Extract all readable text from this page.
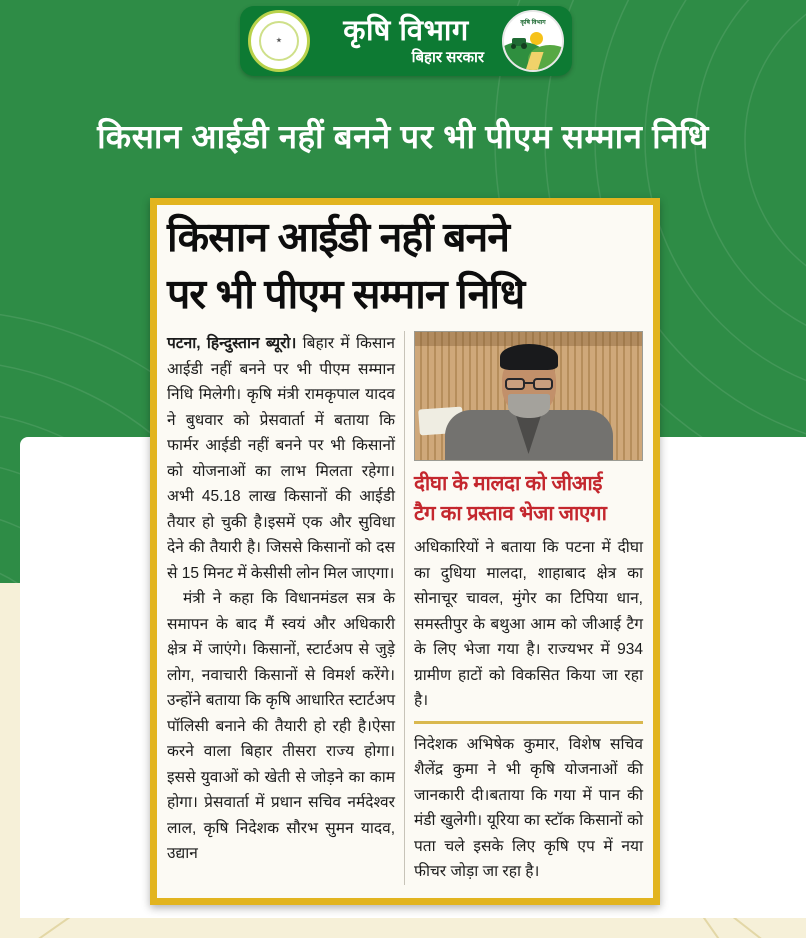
★	कृषि विभाग
बिहार सरकार
कृषि विभाग
किसान आईडी नहीं बनने पर भी पीएम सम्मान निधि
किसान आईडी नहीं बनने
पर भी पीएम सम्मान निधि
पटना, हिन्दुस्तान ब्यूरो। बिहार में किसान आईडी नहीं बनने पर भी पीएम सम्मान निधि मिलेगी। कृषि मंत्री रामकृपाल यादव ने बुधवार को प्रेसवार्ता में बताया कि फार्मर आईडी नहीं बनने पर भी किसानों को योजनाओं का लाभ मिलता रहेगा। अभी 45.18 लाख किसानों की आईडी तैयार हो चुकी है।इसमें एक और सुविधा देने की तैयारी है। जिससे किसानों को दस से 15 मिनट में केसीसी लोन मिल जाएगा।
मंत्री ने कहा कि विधानमंडल सत्र के समापन के बाद मैं स्वयं और अधिकारी क्षेत्र में जाएंगे। किसानों, स्टार्टअप से जुड़े लोग, नवाचारी किसानों से विमर्श करेंगे। उन्होंने बताया कि कृषि आधारित स्टार्टअप पॉलिसी बनाने की तैयारी हो रही है।ऐसा करने वाला बिहार तीसरा राज्य होगा। इससे युवाओं को खेती से जोड़ने का काम होगा। प्रेसवार्ता में प्रधान सचिव नर्मदेश्वर लाल, कृषि निदेशक सौरभ सुमन यादव, उद्यान
दीघा के मालदा को जीआई
टैग का प्रस्ताव भेजा जाएगा
अधिकारियों ने बताया कि पटना में दीघा का दुधिया मालदा, शाहाबाद क्षेत्र का सोनाचूर चावल, मुंगेर का टिपिया धान, समस्तीपुर के बथुआ आम को जीआई टैग के लिए भेजा गया है। राज्यभर में 934 ग्रामीण हाटों को विकसित किया जा रहा है।
निदेशक अभिषेक कुमार, विशेष सचिव शैलेंद्र कुमा ने भी कृषि योजनाओं की जानकारी दी।बताया कि गया में पान की मंडी खुलेगी। यूरिया का स्टॉक किसानों को पता चले इसके लिए कृषि एप में नया फीचर जोड़ा जा रहा है।
